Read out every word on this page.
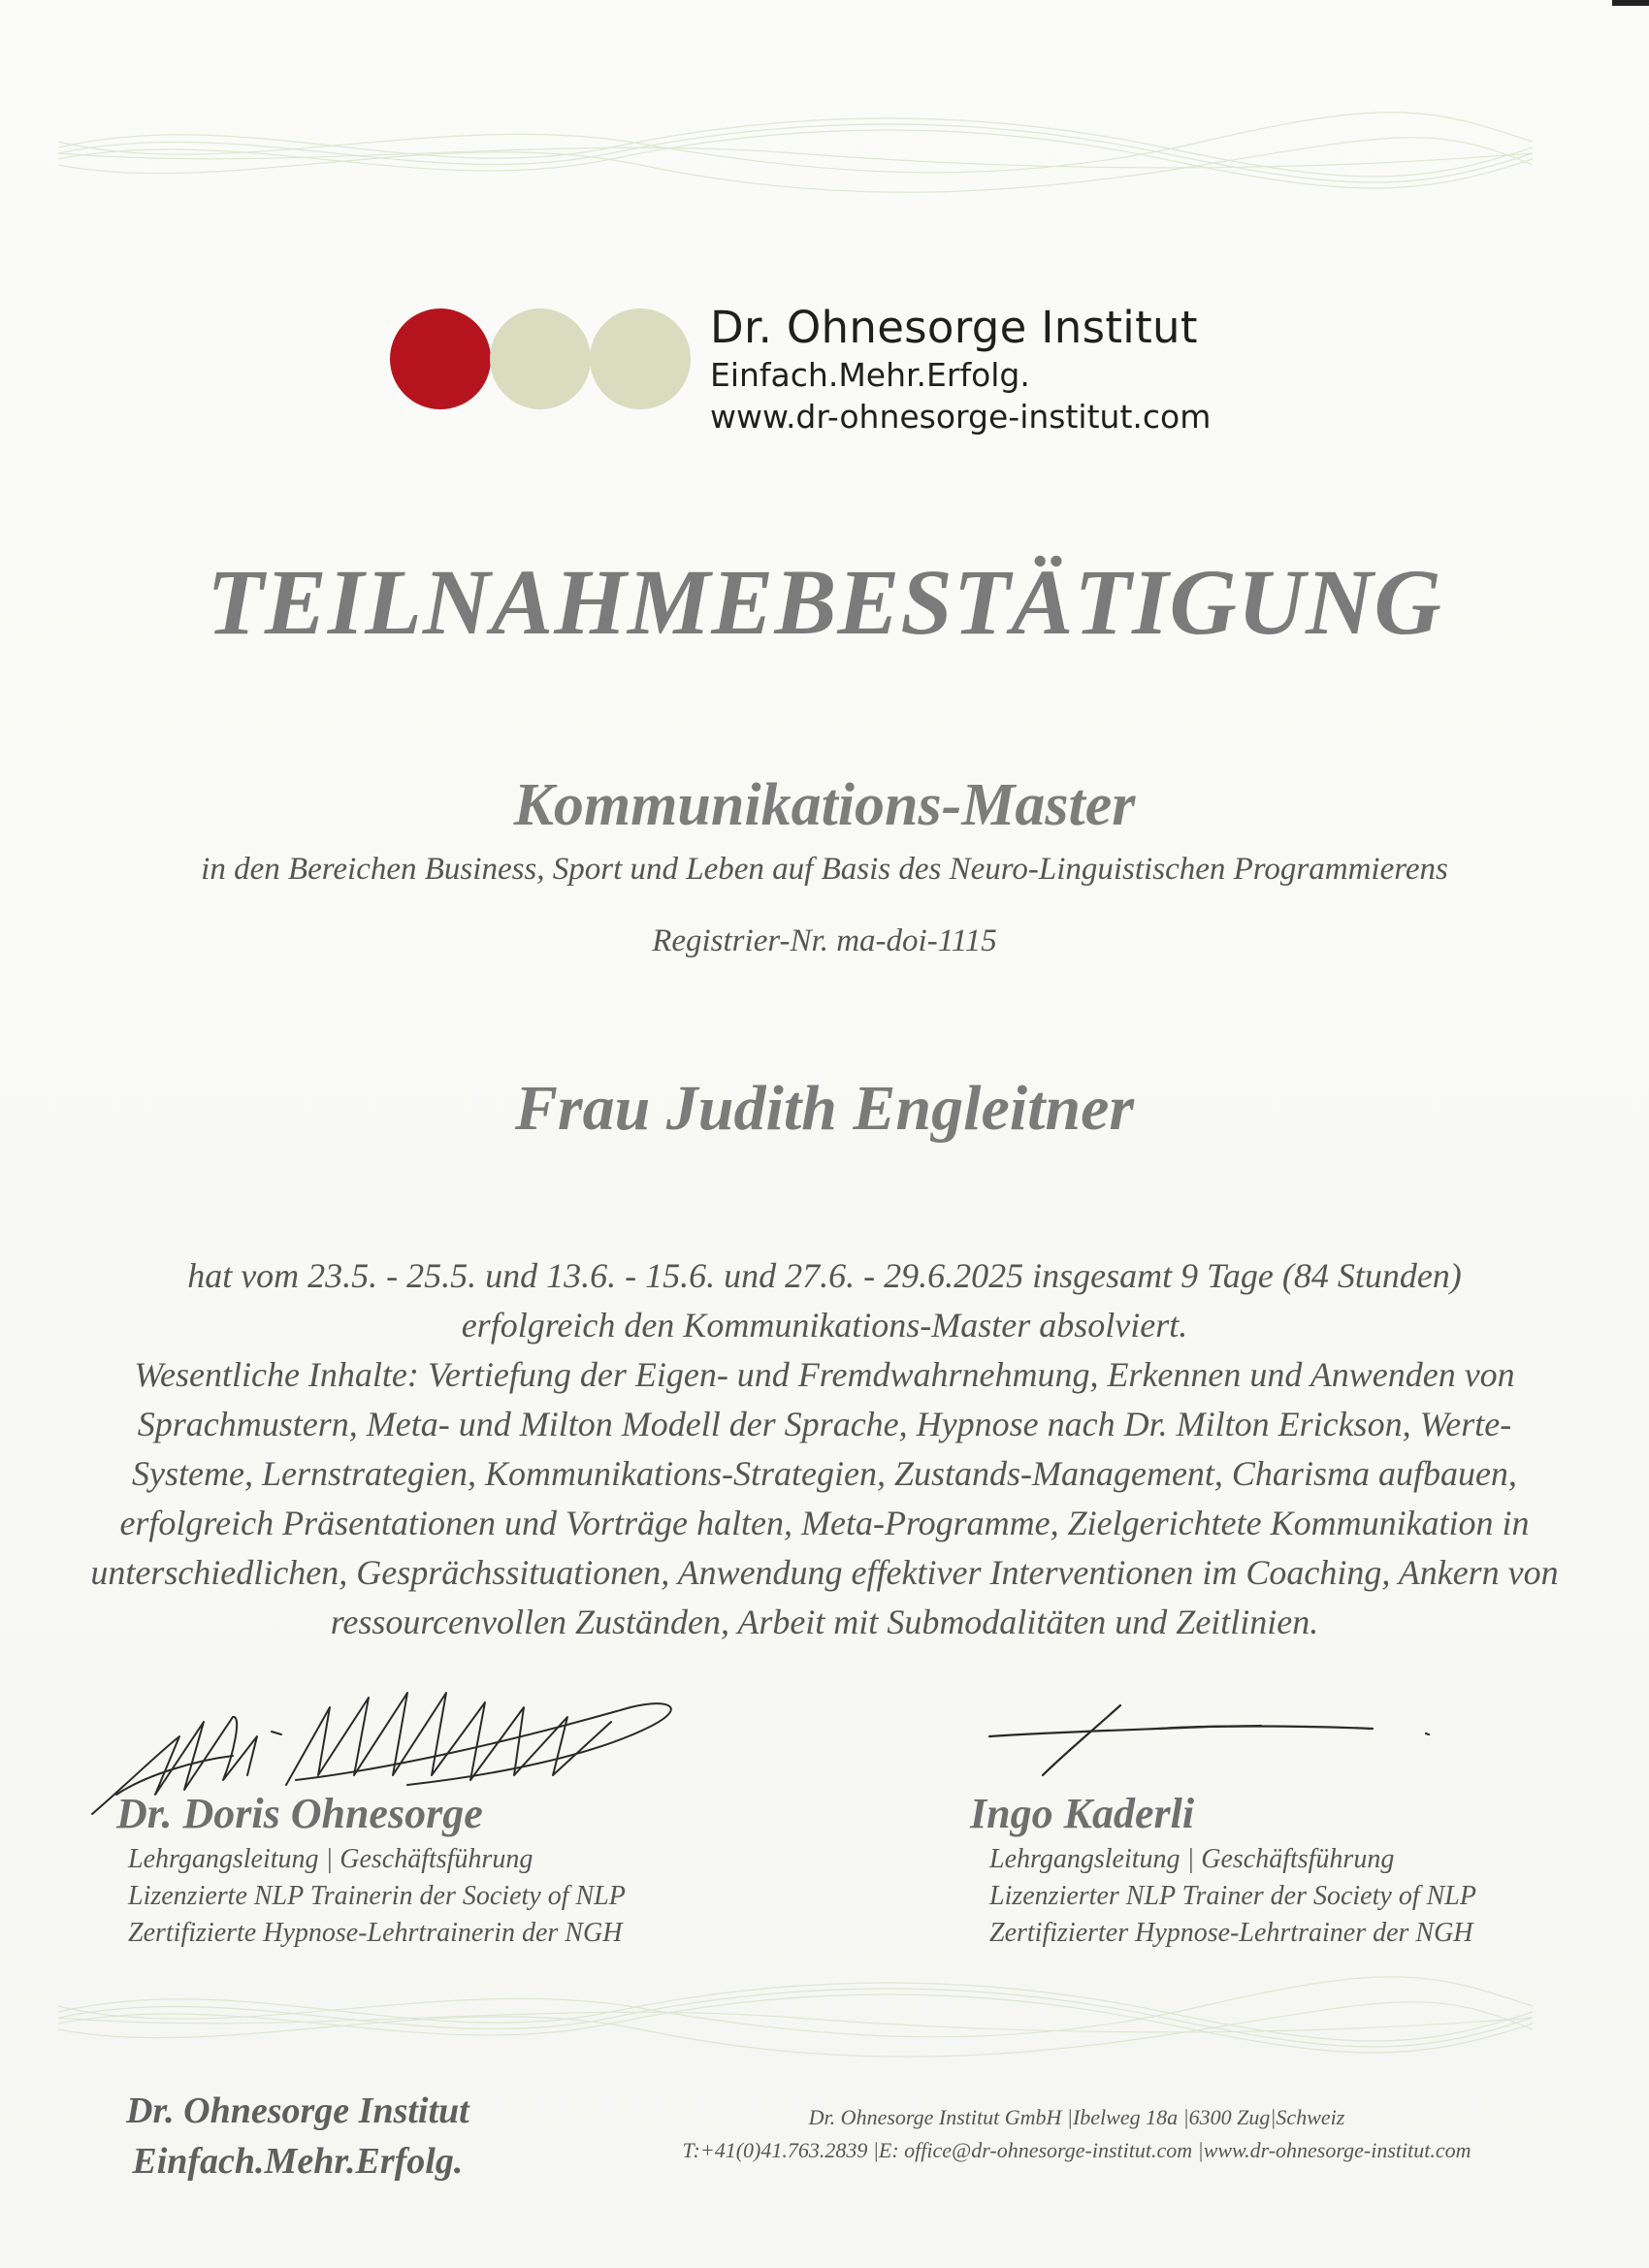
Dr. Ohnesorge Institut
Einfach.Mehr.Erfolg.
www.dr-ohnesorge-institut.com
TEILNAHMEBESTÄTIGUNG
Kommunikations-Master
in den Bereichen Business, Sport und Leben auf Basis des Neuro-Linguistischen Programmierens
Registrier-Nr. ma-doi-1115
Frau Judith Engleitner
hat vom 23.5. - 25.5. und 13.6. - 15.6. und 27.6. - 29.6.2025 insgesamt 9 Tage (84 Stunden)
erfolgreich den Kommunikations-Master absolviert.
Wesentliche Inhalte: Vertiefung der Eigen- und Fremdwahrnehmung, Erkennen und Anwenden von
Sprachmustern, Meta- und Milton Modell der Sprache, Hypnose nach Dr. Milton Erickson, Werte-
Systeme, Lernstrategien, Kommunikations-Strategien, Zustands-Management, Charisma aufbauen,
erfolgreich Präsentationen und Vorträge halten, Meta-Programme, Zielgerichtete Kommunikation in
unterschiedlichen, Gesprächssituationen, Anwendung effektiver Interventionen im Coaching, Ankern von
ressourcenvollen Zuständen, Arbeit mit Submodalitäten und Zeitlinien.
Dr. Doris Ohnesorge
Lehrgangsleitung | Geschäftsführung
Lizenzierte NLP Trainerin der Society of NLP
Zertifizierte Hypnose-Lehrtrainerin der NGH
Ingo Kaderli
Lehrgangsleitung | Geschäftsführung
Lizenzierter NLP Trainer der Society of NLP
Zertifizierter Hypnose-Lehrtrainer der NGH
Dr. Ohnesorge Institut
Einfach.Mehr.Erfolg.
Dr. Ohnesorge Institut GmbH |Ibelweg 18a |6300 Zug|Schweiz
T:+41(0)41.763.2839 |E: office@dr-ohnesorge-institut.com |www.dr-ohnesorge-institut.com
